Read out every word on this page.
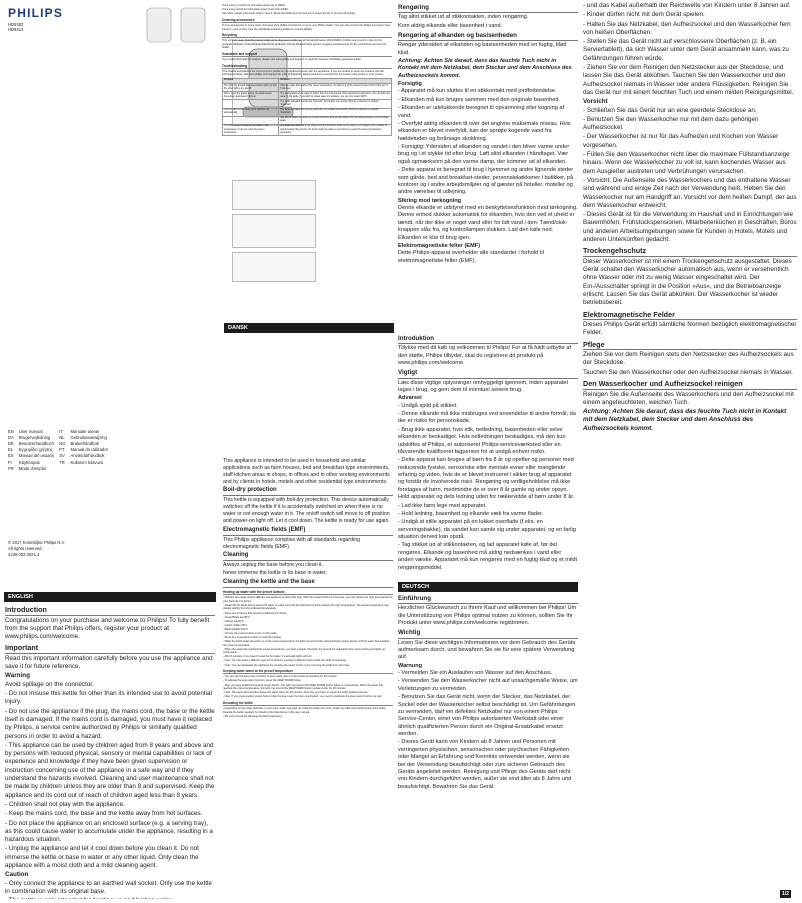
PHILIPS
HD9382
HD9314
EN	User manual	IT	Manuale utente
DA	Brugervejledning	NL	Gebruiksaanwijzing
DE	Benutzerhandbuch	NO	Brukerhåndbok
EL	Εγχειρίδιο χρήσης	PT	Manual do utilizador
ES	Manual del usuario	SV	Användarhandbok
FI	Käyttöopas	TR	Kullanım kılavuzu
FR	Mode d'emploi		
© 2017 Koninklijke Philips N.V.
All rights reserved.
4239.002.0021.4

Once every 3 months for soft water areas (up to 18dH).

Once every month for hard water areas (more than 18dH).

Use white vinegar (4% acetic acid) in step 4. Rinse the kettle and then boil some (steps 10-12) to remove all vinegar.

Ordering accessories

To buy accessories or spare parts, visit www.shop.philips.com/service or go to your Philips dealer. You can also contact the Philips Consumer Care Centre in your country (see the worldwide guarantee leaflet for contact details).

Recycling

This symbol means that this product shall not be disposed of with normal household waste (2012/19/EU). Follow your country's rules for the separate collection of electrical and electronic products. Correct disposal helps prevent negative consequences for the environment and human health.

Guarantee and support

If you need information or support, please visit www.philips.com/support or read the separate worldwide guarantee leaflet.

Troubleshooting

This chapter summarizes the most common problems you could encounter with the appliance. If you are unable to solve the problem with the information below, visit www.philips.com/support for a list of frequently asked questions or contact the Consumer Care Centre in your country.

Problem	Solution
The light ring around the power button lights up with the other light is on, are off.	After the water has reached the preset temperature, the light ring of the selected power button lights up for 5 minutes.
After I press the power button, the kettle beeps three times and doesn't light up.	The temperature of the water is higher than the temperature of the selected preset button. You can add cold water to the kettle. If you wish to reheat water immediately, you can only select 100°C.
	The kettle activated the boil-dry protection. For details, see section 'Boil-dry protection' in chapter 'Important'.
I try to switch on the kettle but it switches off automatically.	The kettle activated the boil-dry protection. For details, see section 'Boil-dry protection' in chapter 'Important'.
	You did not place the kettle on its base correctly. Remove the kettle from the base and place it on the base again.
The kettle does not heat up the water to the temperature. It has not reach the preset temperature.	The kettle has detected a low water level and therefore heats up the water in two stages. After a pause of approximately 30 seconds, the kettle heats the water a second time to reach the preset temperature accurately.
ENGLISH
DANSK
DEUTSCH
Introduction

Congratulations on your purchase and welcome to Philips! To fully benefit from the support that Philips offers, register your product at www.philips.com/welcome.

Important

Read this important information carefully before you use the appliance and save it for future reference.

Warning

Avoid spillage on the connector.

- Do not misuse this kettle for other than its intended use to avoid potential injury.

- Do not use the appliance if the plug, the mains cord, the base or the kettle itself is damaged. If the mains cord is damaged, you must have it replaced by Philips, a service centre authorized by Philips or similarly qualified persons in order to avoid a hazard.

- This appliance can be used by children aged from 8 years and above and by persons with reduced physical, sensory or mental capabilities or lack of experience and knowledge if they have been given supervision or instruction concerning use of the appliance in a safe way and if they understand the hazards involved. Cleaning and user maintenance shall not be made by children unless they are older than 8 and supervised. Keep the appliance and its cord out of reach of children aged less than 8 years.

- Children shall not play with the appliance.

- Keep the mains cord, the base and the kettle away from hot surfaces.

- Do not place the appliance on an enclosed surface (e.g. a serving tray), as this could cause water to accumulate under the appliance, resulting in a hazardous situation.

- Unplug the appliance and let it cool down before you clean it. Do not immerse the kettle or base in water or any other liquid. Only clean the appliance with a moist cloth and a mild cleaning agent.

Caution

- Only connect the appliance to an earthed wall socket. Only use the kettle in combination with its original base.

This appliance is intended to be used in household and similar applications such as farm houses, bed and breakfast type environments, staff kitchen areas in shops, in offices and in other working environments and by clients in hotels, motels and other residential type environments.

Boil-dry protection

This kettle is equipped with boil-dry protection. This device automatically switches off the kettle if it is accidentally switched on when there is no water or not enough water in it. The on/off switch will move to off position and power-on light off. Let it cool down. The kettle is ready for use again.

Electromagnetic fields (EMF)

This Philips appliance complies with all standards regarding electromagnetic fields (EMF).

Cleaning

Always unplug the base before you clean it.

Never immerse the kettle or its base in water.

Cleaning the kettle and the base

Heating up water with the preset buttons

- Different tea needs require different temperatures to taste their best. With the preset buttons on the base, you can choose the right temperature for your favourite hot drinks.

- Always fill the kettle with at least 0.5L water to make sure that the selected hot drink reaches the right temperature. The actual temperature may deviate slightly from the indicated temperature.

- There are 5 buttons that represent different hot drinks:

- Green/White tea 80°C

- Oolong tea 90°C

- Instant Coffee 95°C

- Black tea/Boil 100°C

- Choose the preset button to turn on the kettle.

- Press any temperature button to start the heating.

- While the kettle heats the water up to the preset temperature, the light ring around the selected button pulses slowly until the water has reached the preset temperature.

- When the water has reached the preset temperature, you hear a signal. The light ring around the selected button stops pulsing and lights up continuously.

- After 5 minutes, if you haven't used the hot water, it eventually lights will turn.

- Note: You can select a different type of hot drink by pressing a different button while the kettle is operating.

- Note: You can deactivate the appliance by pressing the power button or by removing the kettle from the base.

Keeping water warm at the preset temperature

- You can use the keep warm function to keep water warm at the preset temperature for 30 minutes.

- To activate the keep warm function, press the KEEP WARM button.

- After you have heated the desired preset button. The light ring around the KEEP WARM button lights up continuously. When the water has reached the preset temperature, the light ring around the KEEP WARM button pulses slowly for 30 minutes.

- Note: The keep warm function keeps the water warm for 30 minutes. After this, you have to repeat the entire heating process.

- Note: If you press another preset button while the keep warm function is activated, you need to reactivate the keep warm function as well.

Descaling the kettle

- Depending on the water hardness in your area, scale may build up inside the kettle over time. Scale may affect the performance of the kettle. Descale the kettle regularly by following the instructions in this user manual.

- We recommend the following descaling frequency:

Introduktion

Tillykke med dit køb og velkommen til Philips! For at få fuldt udbytte af den støtte, Philips tilbyder, skal du registrere dit produkt på www.philips.com/welcome.

Vigtigt

Læs disse vigtige oplysninger omhyggeligt igennem, inden apparatet tages i brug, og gem dem til eventuel senere brug.

Advarsel

- Undgå spild på stikket.

- Denne elkande må ikke misbruges ved anvendelse til andre formål, da der er risiko for personskade.

- Brug ikke apparatet, hvis stik, netledning, basenheden eller selve elkanden er beskadiget. Hvis netledningen beskadiges, må den kun udskiftes af Philips, et autoriseret Philips-serviceværksted eller en tilsvarende kvalificeret fagperson for at undgå enhver risiko.

- Dette apparat kan bruges af børn fra 8 år og opefter og personer med reducerede fysiske, sensoriske eller mentale evner eller manglende erfaring og viden, hvis de er blevet instrueret i sikker brug af apparatet og forstår de involverede risici. Rengøring og vedligeholdelse må ikke foretages af børn, medmindre de er over 8 år gamle og under opsyn. Hold apparatet og dets ledning uden for rækkevidde af børn under 8 år.

- Lad ikke børn lege med apparatet.

- Hold ledning, basenhed og elkande væk fra varme flader.

- Undgå at stille apparatet på en lukket overflade (f.eks. en serveringsbakke), da vandet kan samle sig under apparatet, og en farlig situation derved kan opstå.

- Tag stikket ud af stikkontakten, og lad apparatet køle af, før det rengøres. Elkande og basenhed må aldrig nedsænkes i vand eller anden væske. Apparatet må kun rengøres med en fugtig klud og et mildt rengøringsmiddel.

Rengøring

Tag altid stikket ud af stikkontakten, inden rengøring.

Kom aldrig elkande eller basenhed i vand.

Rengøring af elkanden og basisenheden

Rengør ydersiden af elkanden og basisenheden med en fugtig, blød klud.

Achtung: Achten Sie darauf, dass das feuchte Tuch nicht in Kontakt mit dem Netzkabel, dem Stecker und dem Anschluss des Aufheizsockels kommt.

Forsigtig

- Apparatet må kun sluttes til en stikkontakt med jordforbindelse.

- Elkanden må kun bruges sammen med den originale basenhed.

- Elkanden er udelukkende beregnet til opvarmning eller kogning af vand.

- Overfyld aldrig elkanden til over det angivne maksimale niveau. Hvis elkanden er blevet overfyldt, kan der sprøjte kogende vand fra hældetuden og forårsage skoldning.

- Forsigtig: Ydersiden af elkanden og vandet i den bliver varme under brug og i et stykke tid efter brug. Løft altid elkanden i håndtaget. Vær også opmærksom på den varme damp, der kommer ud af elkanden.

- Dette apparat er beregnet til brug i hjemmet og andre lignende steder som gårde, bed and breakfast-steder, personalekøkkener i butikker, på kontorer og i andre arbejdsmiljøer og af gæster på hoteller, moteller og andre værelser til udlejning.

Sikring mod tørkogning

Denne elkande er udstyret med en beskyttelsesfunktion mod tørkogning. Denne enhed slukker automatisk for elkanden, hvis den ved et uheld er tændt, når der ikke er noget vand eller for lidt vand i den. Tænd/sluk-knappen slås fra, og kontrollampen slukkes. Lad den køle ned. Elkanden er klar til brug igen.

Elektromagnetiske felter (EMF)

Dette Philips-apparat overholder alle standarder i forhold til elektromagnetiske felter (EMF).

Einführung

Herzlichen Glückwunsch zu Ihrem Kauf und willkommen bei Philips! Um die Unterstützung von Philips optimal nutzen zu können, sollten Sie Ihr Produkt unter www.philips.com/welcome registrieren.

Wichtig

Lesen Sie diese wichtigen Informationen vor dem Gebrauch des Geräts aufmerksam durch, und bewahren Sie sie für eine spätere Verwendung auf.

Warnung

- Vermeiden Sie ein Auslaufen von Wasser auf den Anschluss.

- Verwenden Sie den Wasserkocher nicht auf unsachgemäße Weise, um Verletzungen zu vermeiden.

- Benutzen Sie das Gerät nicht, wenn der Stecker, das Netzkabel, der Sockel oder der Wasserkocher selbst beschädigt ist. Um Gefährdungen zu vermeiden, darf ein defektes Netzkabel nur von einem Philips Service-Center, einer von Philips autorisierten Werkstatt oder einer ähnlich qualifizierten Person durch ein Original-Ersatzkabel ersetzt werden.

- Dieses Gerät kann von Kindern ab 8 Jahren und Personen mit verringerten physischen, sensorischen oder psychischen Fähigkeiten oder Mangel an Erfahrung und Kenntnis verwendet werden, wenn sie bei der Verwendung beaufsichtigt oder zum sicheren Gebrauch des Geräts angeleitet werden. Reinigung und Pflege des Geräts darf nicht von Kindern durchgeführt werden, außer sie sind älter als 8 Jahre und beaufsichtigt. Bewahren Sie das Gerät

- und das Kabel außerhalb der Reichweite von Kindern unter 8 Jahren auf.

- Kinder dürfen nicht mit dem Gerät spielen.

- Halten Sie das Netzkabel, den Aufheizsockel und den Wasserkocher fern von heißen Oberflächen.

- Stellen Sie das Gerät nicht auf verschlossene Oberflächen (z. B. ein Serviertablett), da sich Wasser unter dem Gerät ansammeln kann, was zu Gefährdungen führen würde.

- Ziehen Sie vor dem Reinigen den Netzstecker aus der Steckdose, und lassen Sie das Gerät abkühlen. Tauchen Sie den Wasserkocher und den Aufheizsockel niemals in Wasser oder andere Flüssigkeiten. Reinigen Sie das Gerät nur mit einem feuchten Tuch und einem milden Reinigungsmittel.

Vorsicht

- Schließen Sie das Gerät nur an eine geerdete Steckdose an.

- Benutzen Sie den Wasserkocher nur mit dem dazu gehörigen Aufheizsockel.

- Der Wasserkocher ist nur für das Aufheizen und Kochen von Wasser vorgesehen.

- Füllen Sie den Wasserkocher nicht über die maximale Füllstandsanzeige hinaus. Wenn der Wasserkocher zu voll ist, kann kochendes Wasser aus dem Ausgießer austreten und Verbrühungen verursachen.

- Vorsicht: Die Außenseite des Wasserkochers und das enthaltene Wasser sind während und einige Zeit nach der Verwendung heiß. Heben Sie den Wasserkocher nur am Handgriff an. Vorsicht vor dem heißen Dampf, der aus dem Wasserkocher entweicht.

- Dieses Gerät ist für die Verwendung im Haushalt und in Einrichtungen wie Bauernhöfen, Frühstückspensionen, Mitarbeiterküchen in Geschäften, Büros und anderen Arbeitsumgebungen sowie für Kunden in Hotels, Motels und anderen Unterkünften gedacht.

Trockengehschutz

Dieser Wasserkocher ist mit einem Trockengehschutz ausgestattet. Dieses Gerät schaltet den Wasserkocher automatisch aus, wenn er versehentlich ohne Wasser oder mit zu wenig Wasser eingeschaltet wird. Der Ein-/Ausschalter springt in die Position »Aus«, und die Betriebsanzeige erlischt. Lassen Sie das Gerät abkühlen. Der Wasserkocher ist wieder betriebsbereit.

Elektromagnetische Felder

Dieses Philips Gerät erfüllt sämtliche Normen bezüglich elektromagnetischer Felder.

Pflege

Ziehen Sie vor dem Reinigen stets den Netzstecker des Aufheizsockels aus der Steckdose.

Tauchen Sie den Wasserkocher oder den Aufheizsockel niemals in Wasser.

Den Wasserkocher und Aufheizsockel reinigen

Reinigen Sie die Außenseite des Wasserkochers und den Aufheizsockel mit einem angefeuchteten, weichen Tuch.

Achtung: Achten Sie darauf, dass das feuchte Tuch nicht in Kontakt mit dem Netzkabel, dem Stecker und dem Anschluss des Aufheizsockels kommt.

1/2
